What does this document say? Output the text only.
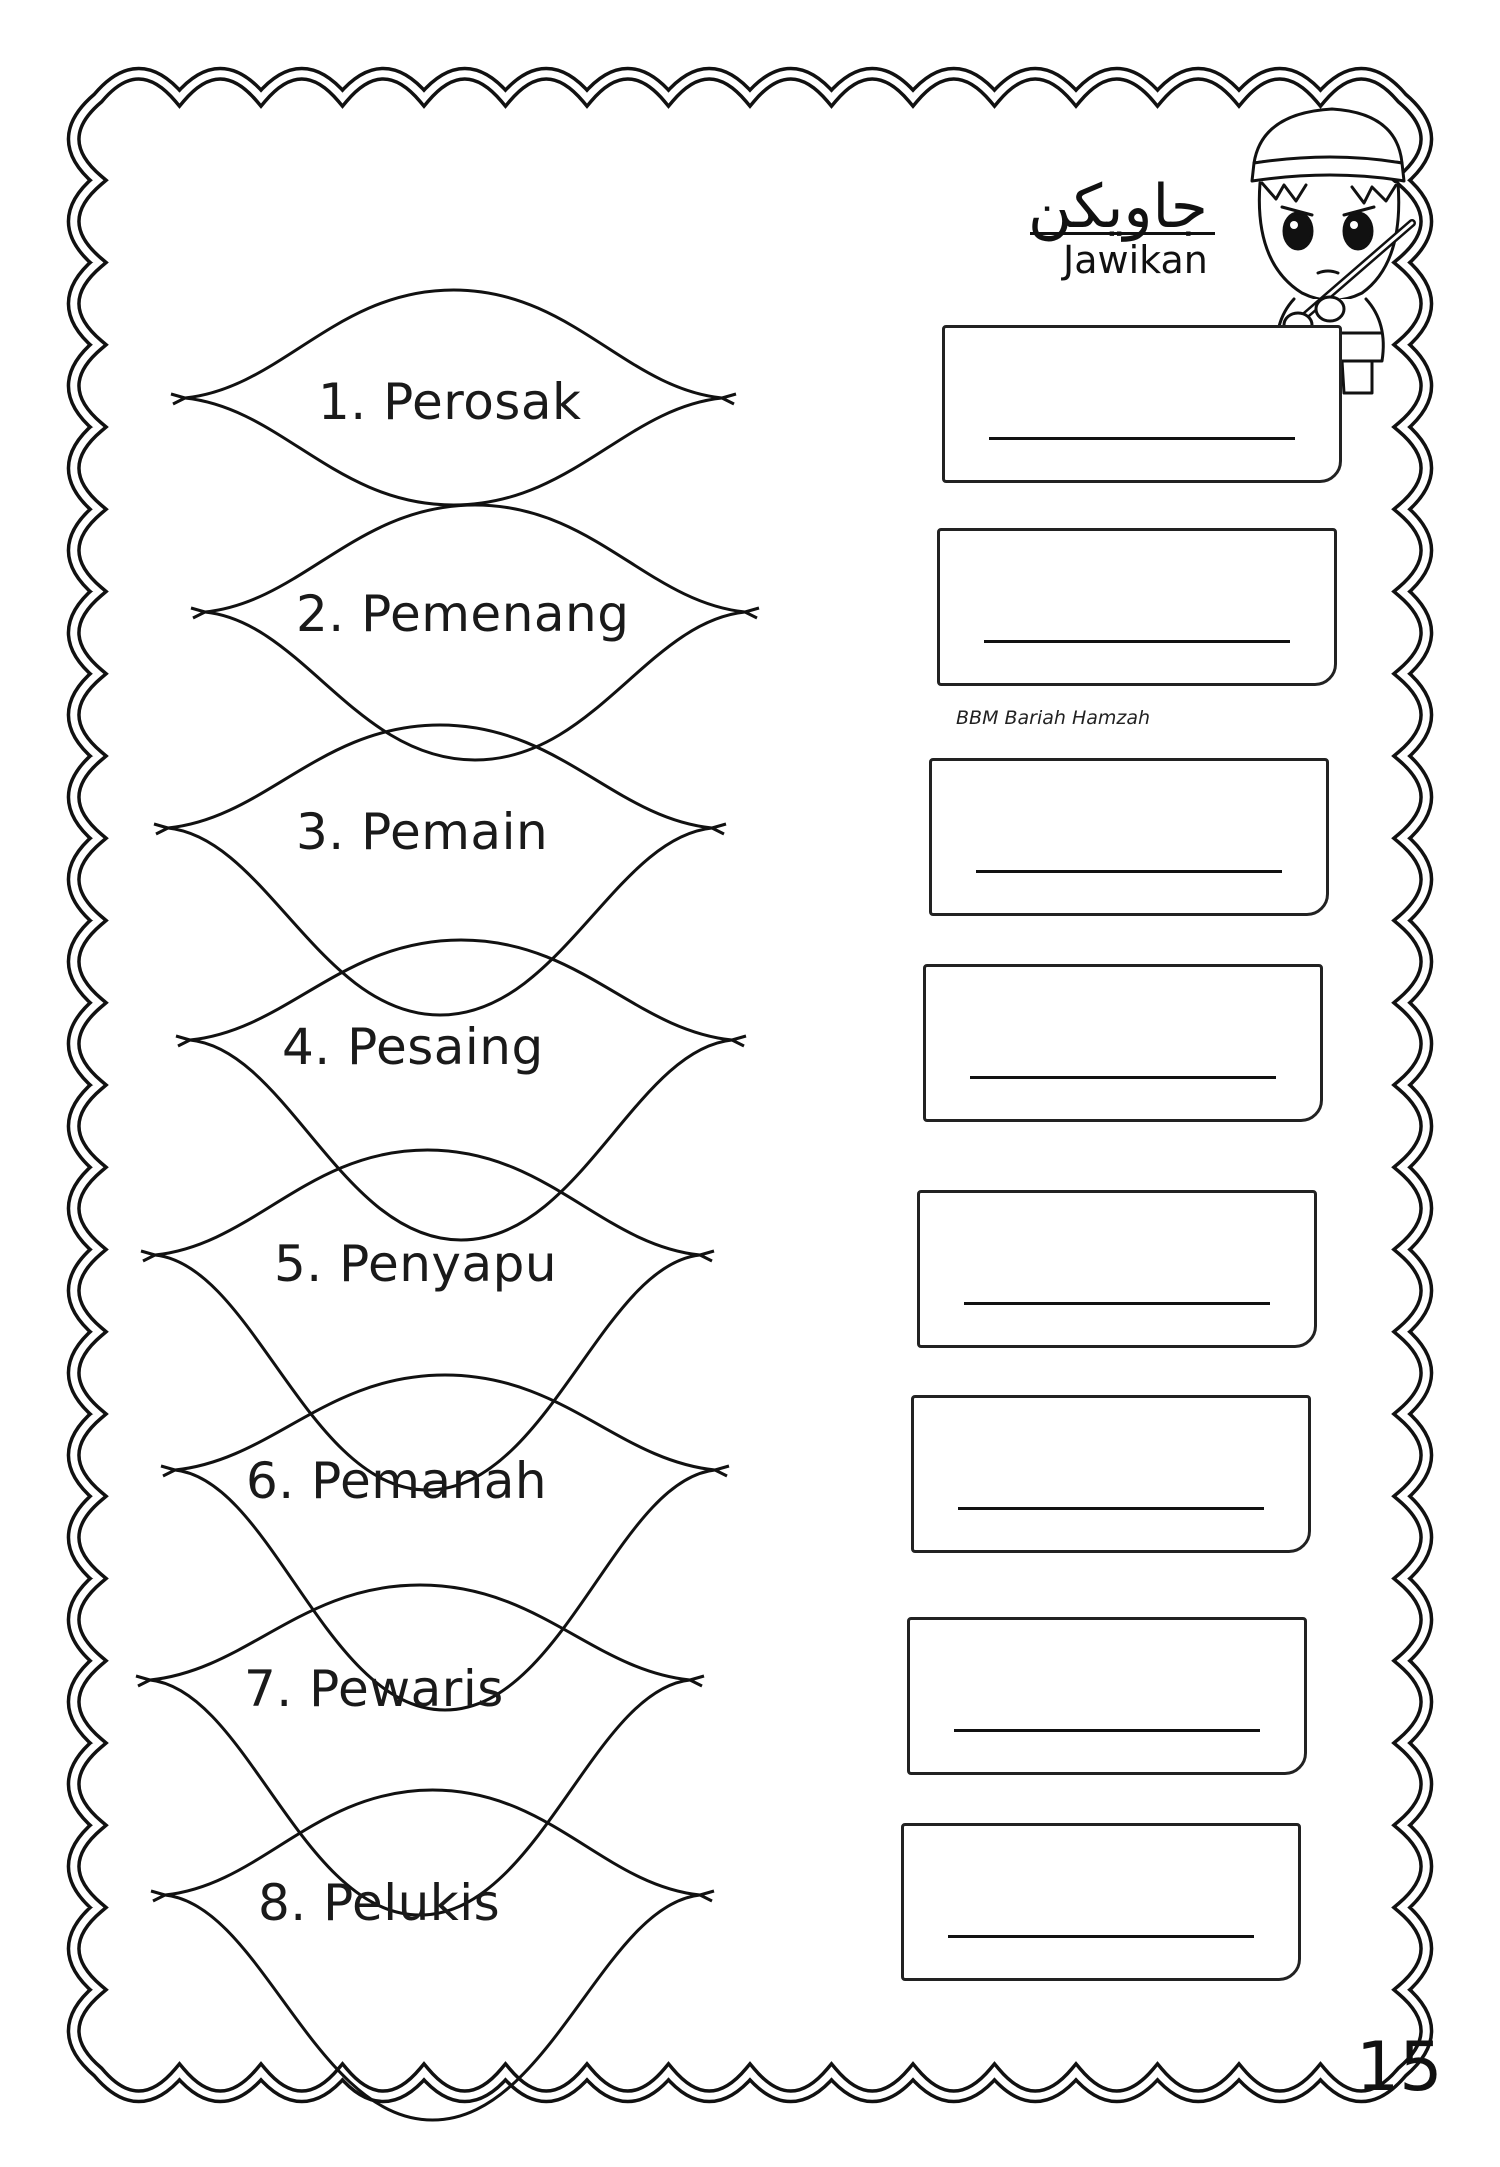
جاويكن
Jawikan
1. Perosak
2. Pemenang
3. Pemain
4. Pesaing
5. Penyapu
6. Pemanah
7. Pewaris
8. Pelukis
BBM Bariah Hamzah
15
